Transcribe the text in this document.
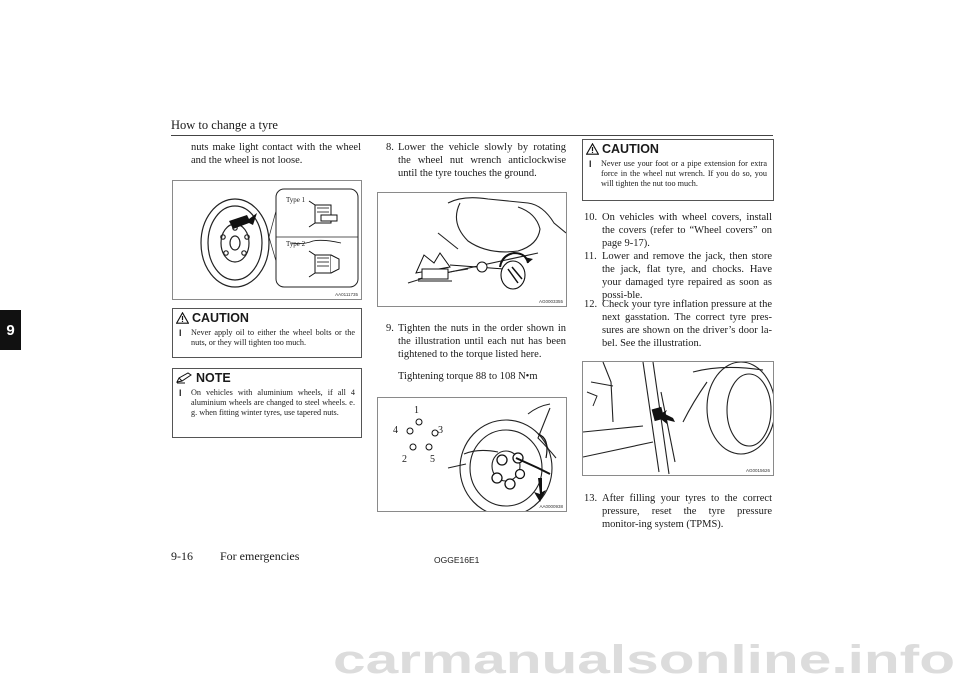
How to change a tyre
9
nuts make light contact with the wheel and the wheel is not loose.
Type 1
Type 2
AA0111735
CAUTION
l	Never apply oil to either the wheel bolts or the nuts, or they will tighten too much.
NOTE
l	On vehicles with aluminium wheels, if all 4 aluminium wheels are changed to steel wheels. e. g. when fitting winter tyres, use tapered nuts.
8. Lower the vehicle slowly by rotating the wheel nut wrench anticlockwise until the tyre touches the ground.
AG0003355
9. Tighten the nuts in the order shown in the illustration until each nut has been tightened to the torque listed here.
Tightening torque 88 to 108 N•m
1
2
3
4
5
AA0000938
CAUTION
l	Never use your foot or a pipe extension for extra force in the wheel nut wrench. If you do so, you will tighten the nut too much.
10. On vehicles with wheel covers, install the covers (refer to “Wheel covers” on page 9-17).
11. Lower and remove the jack, then store the jack, flat tyre, and chocks. Have your damaged tyre repaired as soon as possi-ble.
12. Check your tyre inflation pressure at the next gasstation. The correct tyre pres-sures are shown on the driver’s door la-bel. See the illustration.
AG0015626
13. After filling your tyres to the correct pressure, reset the tyre pressure monitor-ing system (TPMS).
9-16 For emergencies	OGGE16E1
carmanualsonline.info
